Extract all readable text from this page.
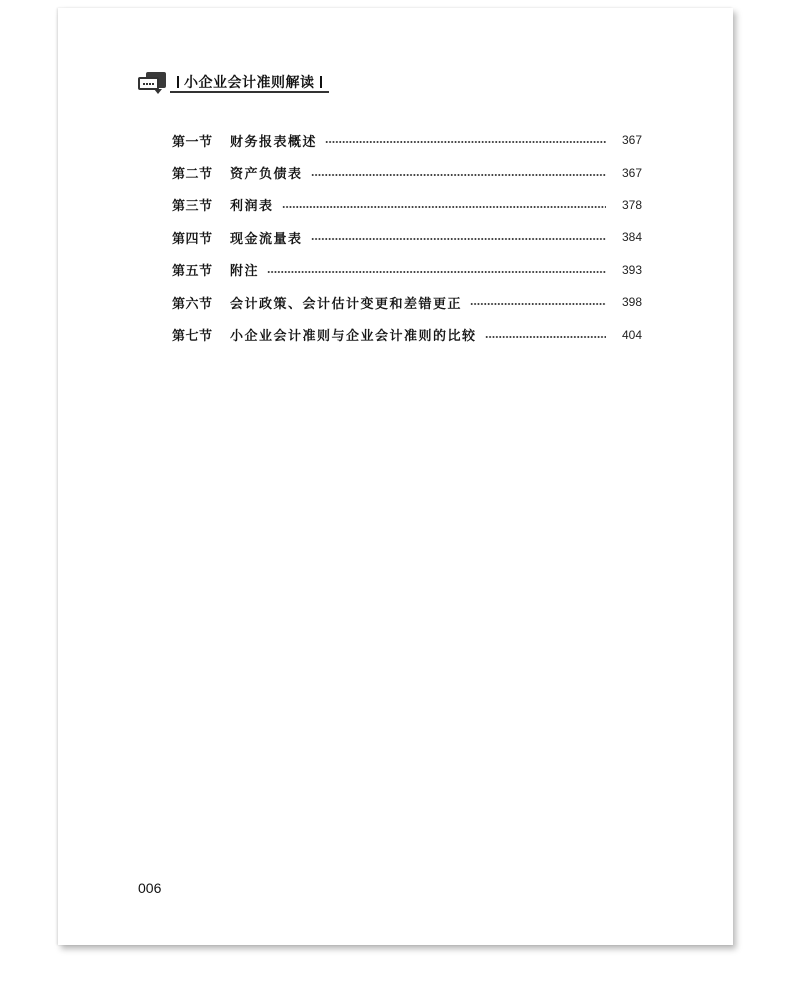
小企业会计准则解读
第一节	财务报表概述	367
第二节	资产负债表	367
第三节	利润表	378
第四节	现金流量表	384
第五节	附注	393
第六节	会计政策、会计估计变更和差错更正	398
第七节	小企业会计准则与企业会计准则的比较	404
006
